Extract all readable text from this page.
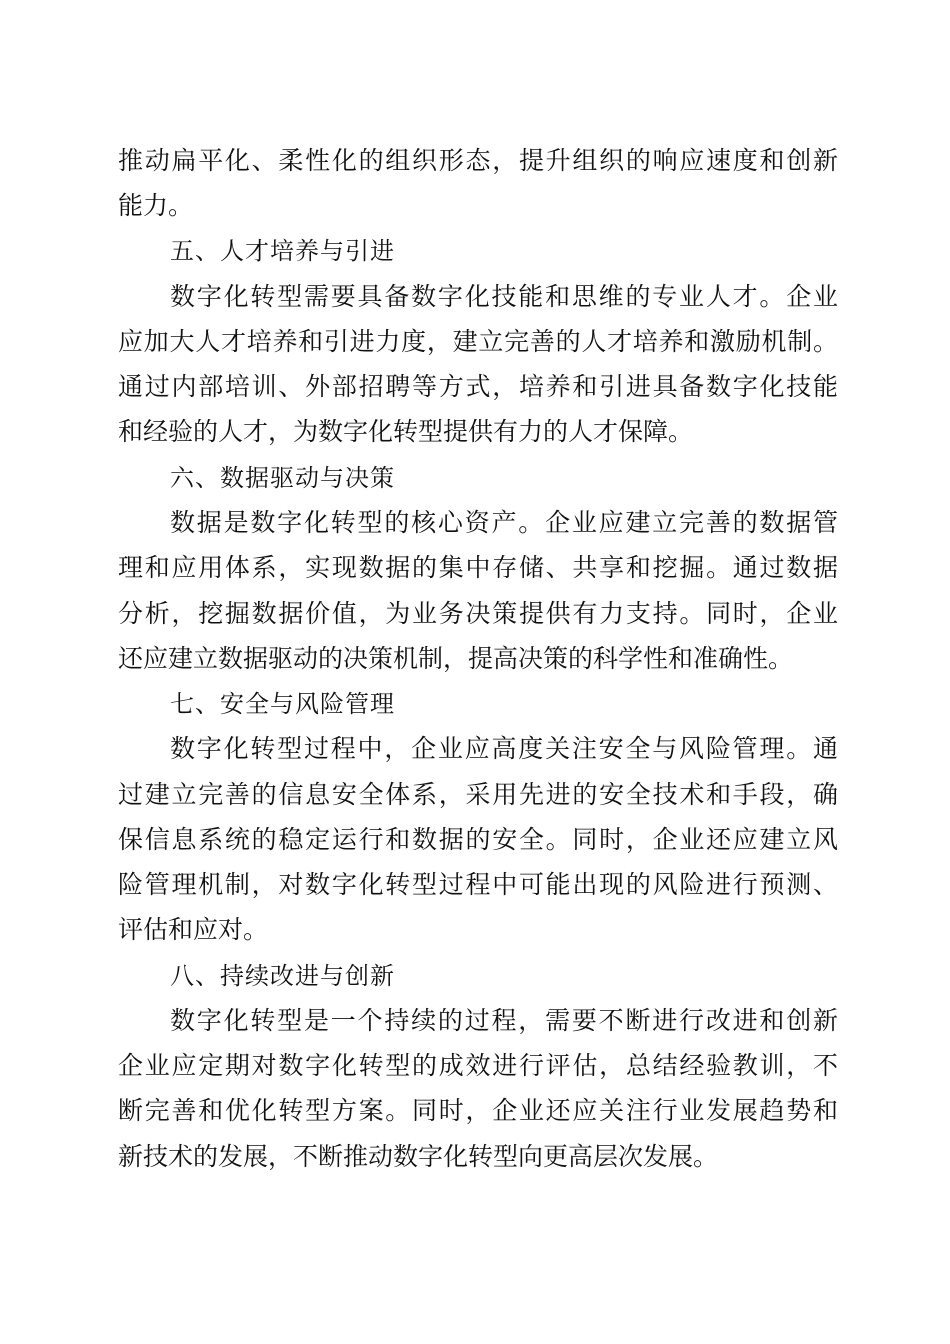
推动扁平化、柔性化的组织形态，提升组织的响应速度和创新
能力。
五、人才培养与引进
数字化转型需要具备数字化技能和思维的专业人才。企业
应加大人才培养和引进力度，建立完善的人才培养和激励机制。
通过内部培训、外部招聘等方式，培养和引进具备数字化技能
和经验的人才，为数字化转型提供有力的人才保障。
六、数据驱动与决策
数据是数字化转型的核心资产。企业应建立完善的数据管
理和应用体系，实现数据的集中存储、共享和挖掘。通过数据
分析，挖掘数据价值，为业务决策提供有力支持。同时，企业
还应建立数据驱动的决策机制，提高决策的科学性和准确性。
七、安全与风险管理
数字化转型过程中，企业应高度关注安全与风险管理。通
过建立完善的信息安全体系，采用先进的安全技术和手段，确
保信息系统的稳定运行和数据的安全。同时，企业还应建立风
险管理机制，对数字化转型过程中可能出现的风险进行预测、
评估和应对。
八、持续改进与创新
数字化转型是一个持续的过程，需要不断进行改进和创新
企业应定期对数字化转型的成效进行评估，总结经验教训，不
断完善和优化转型方案。同时，企业还应关注行业发展趋势和
新技术的发展，不断推动数字化转型向更高层次发展。
